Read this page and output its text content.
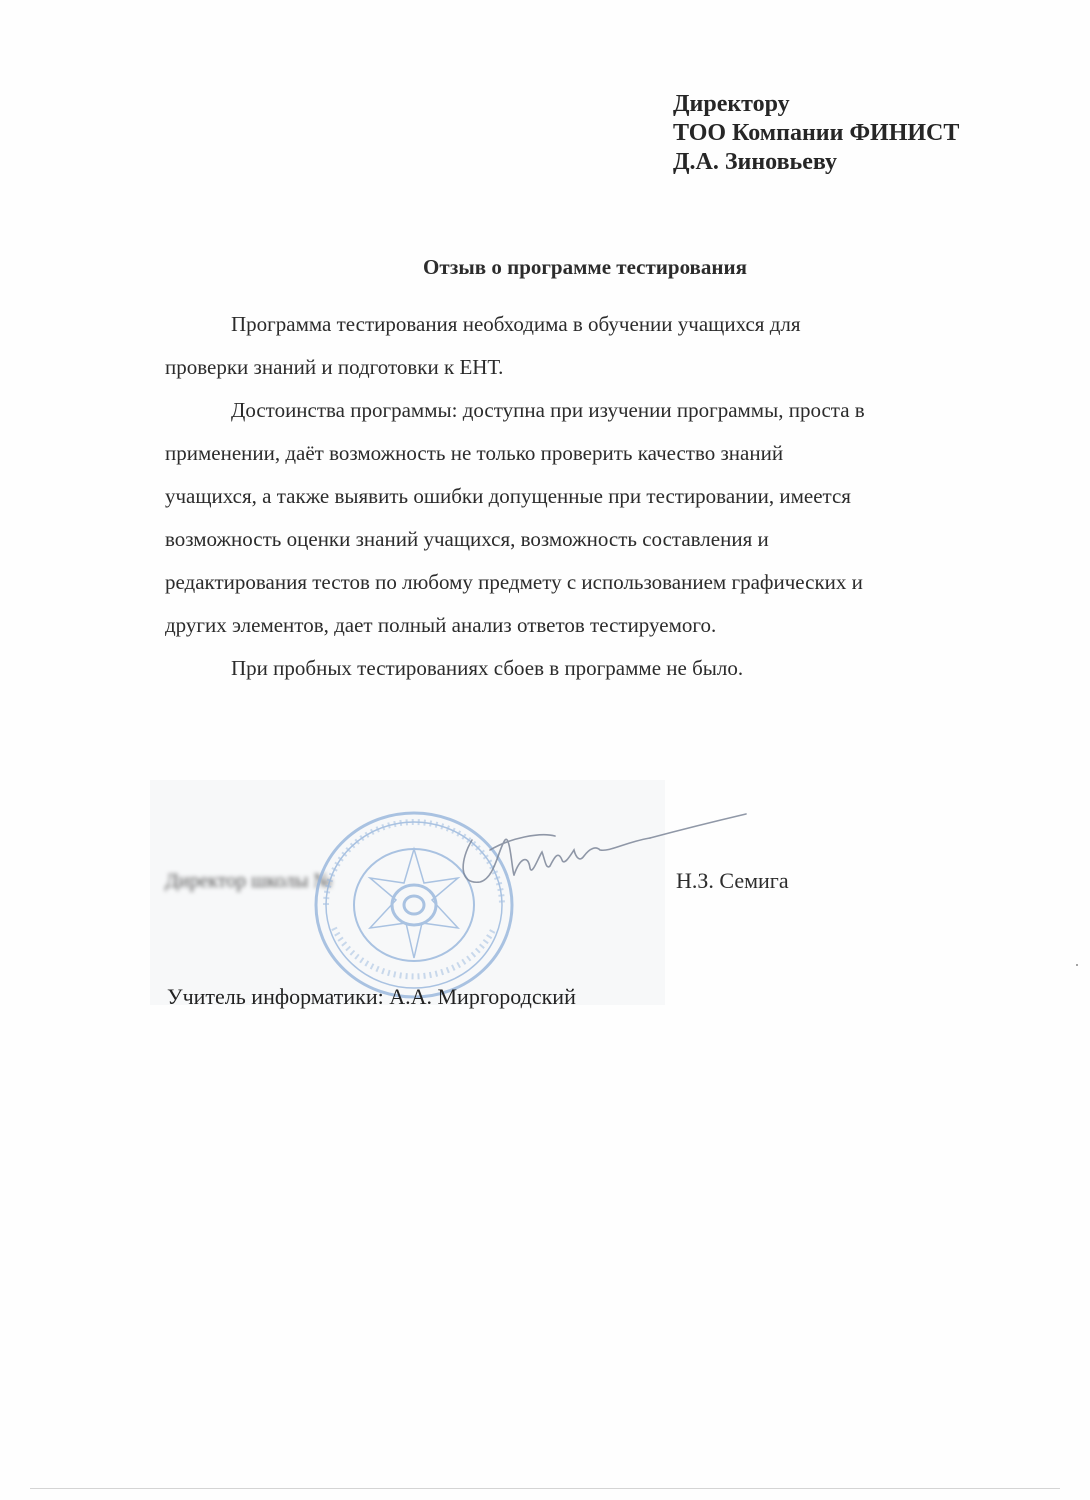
Директору
ТОО Компании ФИНИСТ
Д.А. Зиновьеву
Отзыв о программе тестирования
Программа тестирования необходима в обучении учащихся для
проверки знаний и подготовки к ЕНТ.
Достоинства программы: доступна при изучении программы, проста в
применении, даёт возможность не только проверить качество знаний
учащихся, а также выявить ошибки допущенные при тестировании, имеется
возможность оценки знаний учащихся, возможность составления и
редактирования тестов по любому предмету с использованием графических и
других элементов, дает полный анализ ответов тестируемого.
При пробных тестированиях сбоев в программе не было.
Директор школы №	Н.З. Семига
Учитель информатики: А.А. Миргородский
